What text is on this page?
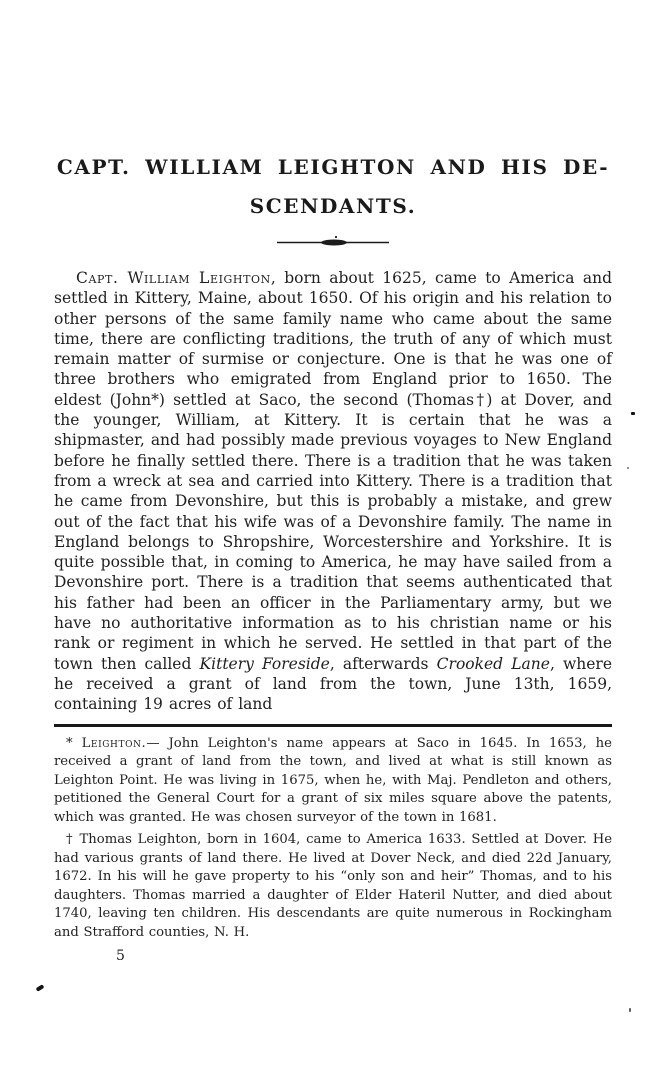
CAPT. WILLIAM LEIGHTON AND HIS DE-
SCENDANTS.

Capt. William Leighton, born about 1625, came to America and settled in Kittery, Maine, about 1650. Of his origin and his relation to other persons of the same family name who came about the same time, there are conflicting traditions, the truth of any of which must remain matter of surmise or conjecture. One is that he was one of three brothers who emigrated from England prior to 1650. The eldest (John*) settled at Saco, the second (Thomas†) at Dover, and the younger, William, at Kittery. It is certain that he was a shipmaster, and had possibly made previous voyages to New England before he finally settled there. There is a tradition that he was taken from a wreck at sea and carried into Kittery. There is a tradition that he came from Devonshire, but this is probably a mistake, and grew out of the fact that his wife was of a Devonshire family. The name in England belongs to Shropshire, Worcestershire and Yorkshire. It is quite possible that, in coming to America, he may have sailed from a Devonshire port. There is a tradition that seems authenticated that his father had been an officer in the Parliamentary army, but we have no authoritative information as to his christian name or his rank or regiment in which he served. He settled in that part of the town then called Kittery Foreside, afterwards Crooked Lane, where he received a grant of land from the town, June 13th, 1659, containing 19 acres of land

* Leighton.— John Leighton's name appears at Saco in 1645. In 1653, he received a grant of land from the town, and lived at what is still known as Leighton Point. He was living in 1675, when he, with Maj. Pendleton and others, petitioned the General Court for a grant of six miles square above the patents, which was granted. He was chosen surveyor of the town in 1681.

† Thomas Leighton, born in 1604, came to America 1633. Settled at Dover. He had various grants of land there. He lived at Dover Neck, and died 22d January, 1672. In his will he gave property to his “only son and heir” Thomas, and to his daughters. Thomas married a daughter of Elder Hateril Nutter, and died about 1740, leaving ten children. His descendants are quite numerous in Rockingham and Strafford counties, N. H.

5
